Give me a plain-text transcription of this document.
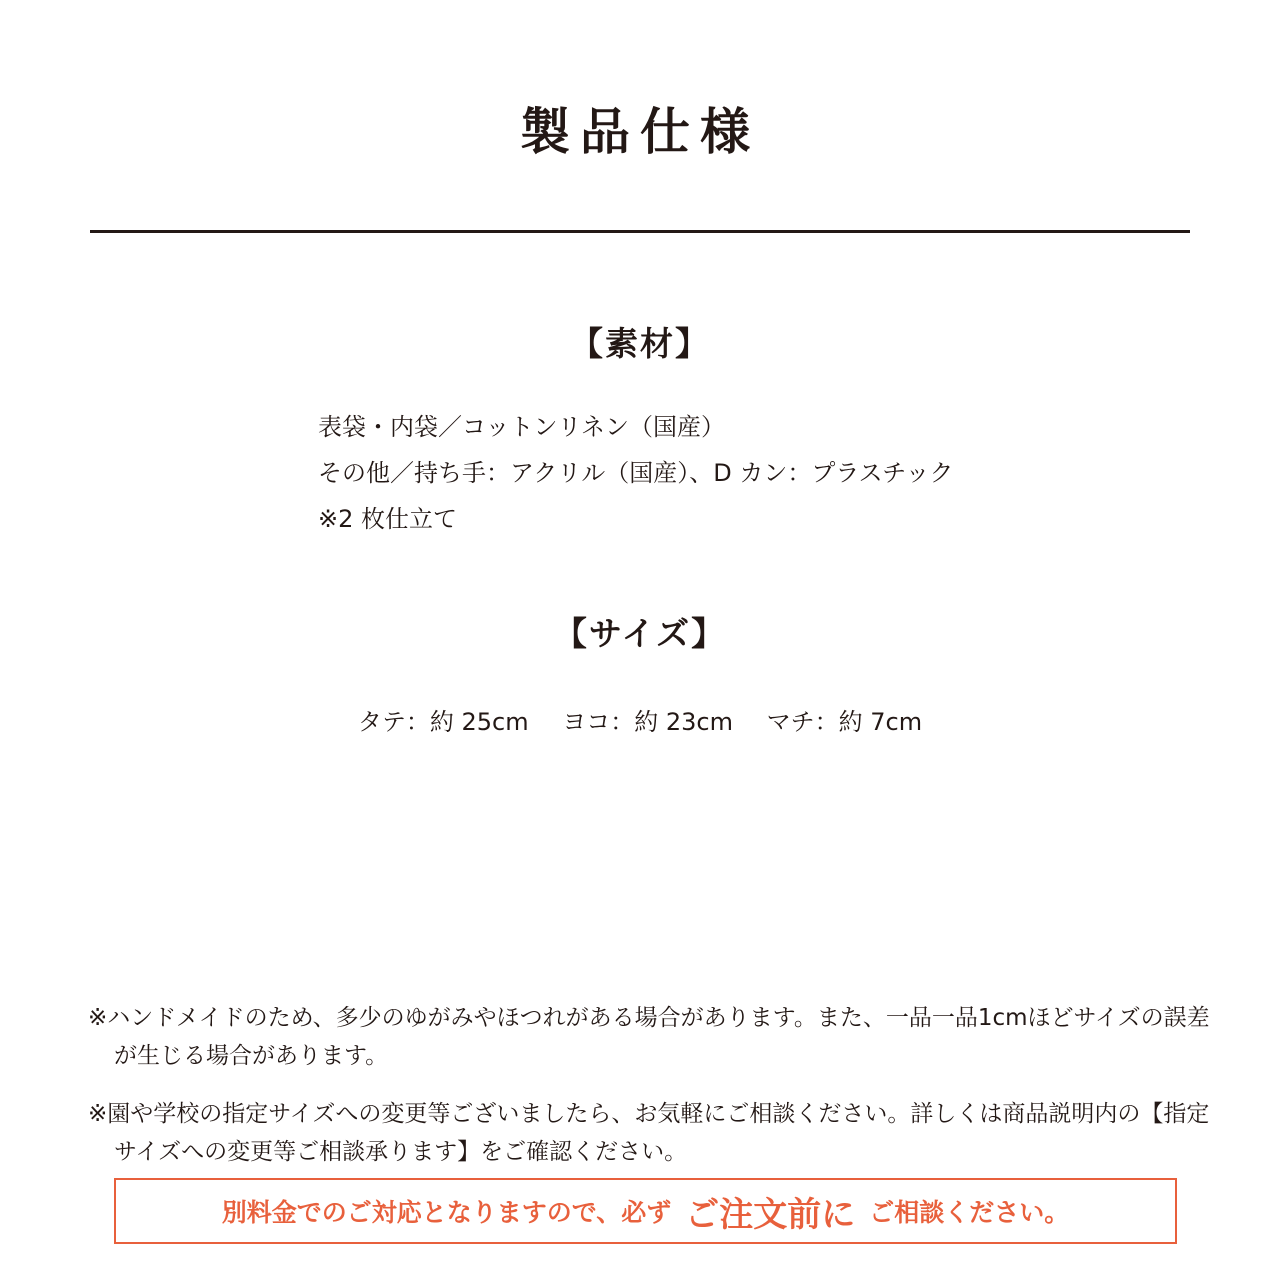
製品仕様
【素材】
表袋・内袋／コットンリネン（国産）
その他／持ち手：アクリル（国産）、D カン：プラスチック
※2 枚仕立て
【サイズ】
タテ：約 25cm ヨコ：約 23cm マチ：約 7cm
※ハンドメイドのため、多少のゆがみやほつれがある場合があります。また、一品一品1cmほどサイズの誤差が生じる場合があります。
※園や学校の指定サイズへの変更等ございましたら、お気軽にご相談ください。詳しくは商品説明内の【指定サイズへの変更等ご相談承ります】をご確認ください。
別料金でのご対応となりますので、必ず ご注文前に ご相談ください。
